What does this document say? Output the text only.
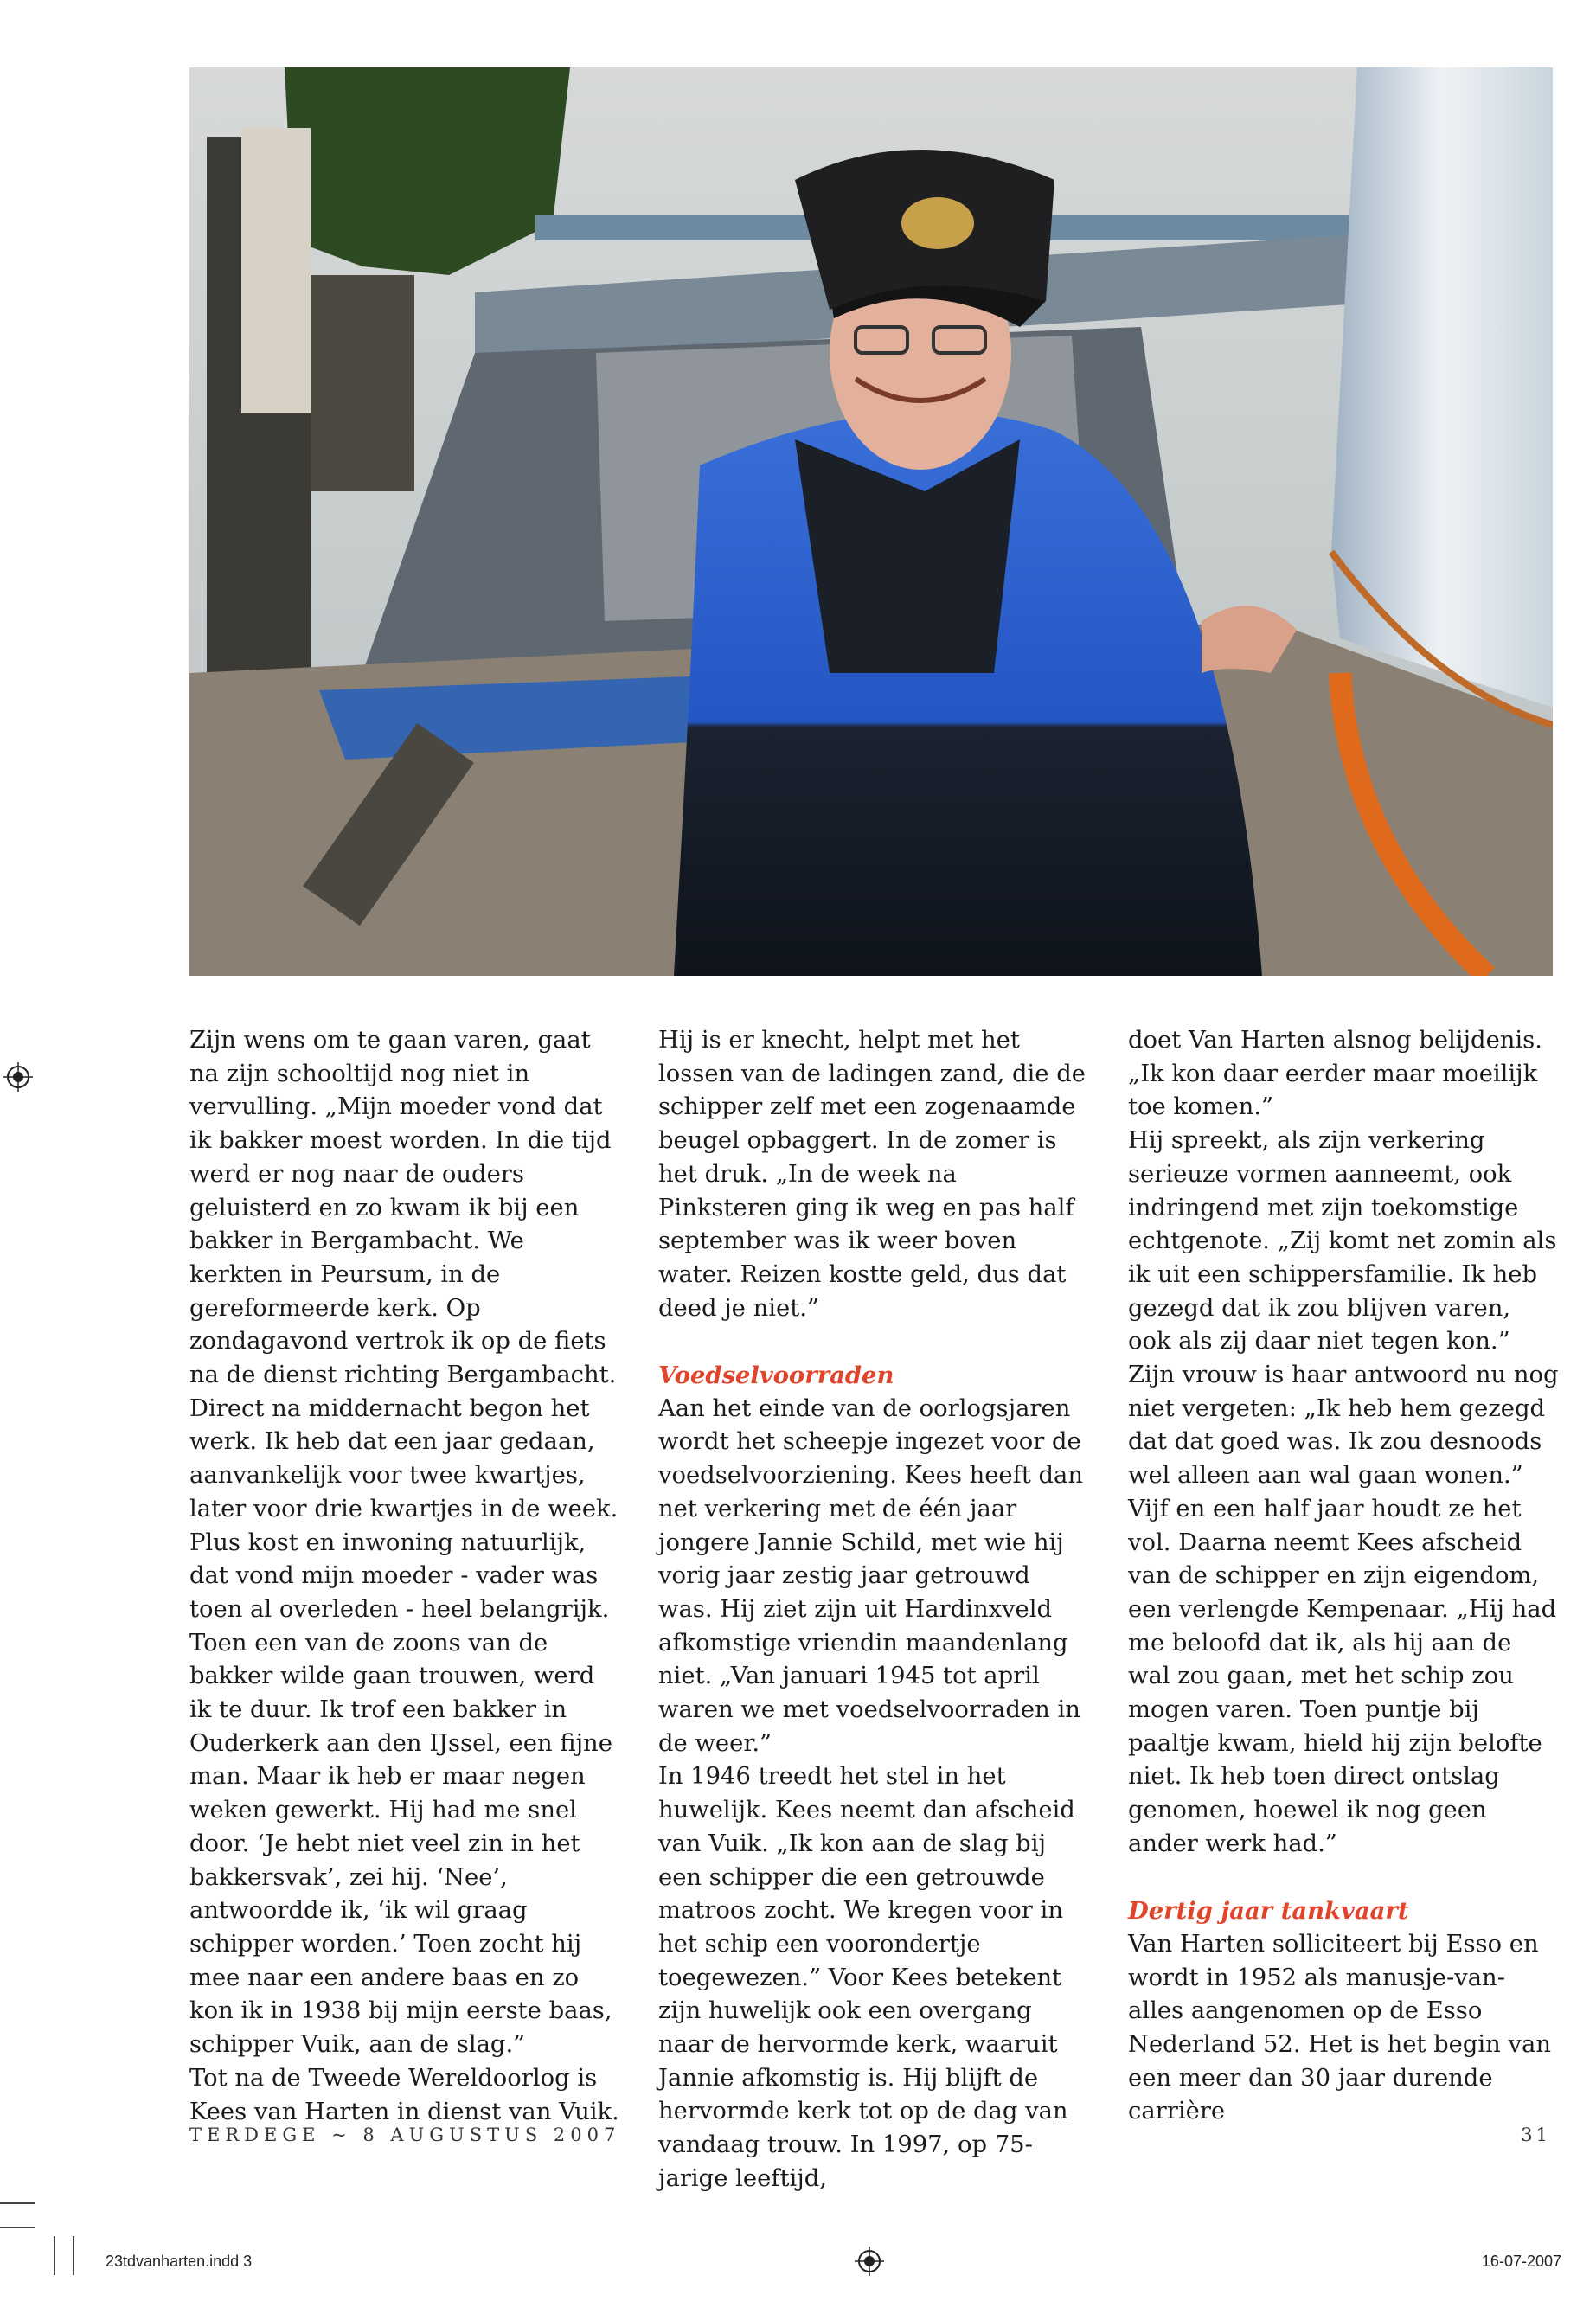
Zijn wens om te gaan varen, gaat na zijn schooltijd nog niet in vervulling. „Mijn moeder vond dat ik bakker moest worden. In die tijd werd er nog naar de ouders geluisterd en zo kwam ik bij een bakker in Bergambacht. We kerkten in Peursum, in de gereformeerde kerk. Op zondagavond vertrok ik op de fiets na de dienst richting Bergambacht. Direct na middernacht begon het werk. Ik heb dat een jaar gedaan, aanvankelijk voor twee kwartjes, later voor drie kwartjes in de week. Plus kost en inwoning natuurlijk, dat vond mijn moeder - vader was toen al overleden - heel belangrijk. Toen een van de zoons van de bakker wilde gaan trouwen, werd ik te duur. Ik trof een bakker in Ouderkerk aan den IJssel, een fijne man. Maar ik heb er maar negen weken gewerkt. Hij had me snel door. ‘Je hebt niet veel zin in het bakkersvak’, zei hij. ‘Nee’, antwoordde ik, ‘ik wil graag schipper worden.’ Toen zocht hij mee naar een andere baas en zo kon ik in 1938 bij mijn eerste baas, schipper Vuik, aan de slag.”

Tot na de Tweede Wereldoorlog is Kees van Harten in dienst van Vuik.

Hij is er knecht, helpt met het lossen van de ladingen zand, die de schipper zelf met een zogenaamde beugel opbaggert. In de zomer is het druk. „In de week na Pinksteren ging ik weg en pas half september was ik weer boven water. Reizen kostte geld, dus dat deed je niet.”

Voedselvoorraden

Aan het einde van de oorlogsjaren wordt het scheepje ingezet voor de voedselvoorziening. Kees heeft dan net verkering met de één jaar jongere Jannie Schild, met wie hij vorig jaar zestig jaar getrouwd was. Hij ziet zijn uit Hardinxveld afkomstige vriendin maandenlang niet. „Van januari 1945 tot april waren we met voedselvoorraden in de weer.”

In 1946 treedt het stel in het huwelijk. Kees neemt dan afscheid van Vuik. „Ik kon aan de slag bij een schipper die een getrouwde matroos zocht. We kregen voor in het schip een voorondertje toegewezen.” Voor Kees betekent zijn huwelijk ook een overgang naar de hervormde kerk, waaruit Jannie afkomstig is. Hij blijft de hervormde kerk tot op de dag van vandaag trouw. In 1997, op 75-jarige leeftijd,

doet Van Harten alsnog belijdenis. „Ik kon daar eerder maar moeilijk toe komen.”

Hij spreekt, als zijn verkering serieuze vormen aanneemt, ook indringend met zijn toekomstige echtgenote. „Zij komt net zomin als ik uit een schippersfamilie. Ik heb gezegd dat ik zou blijven varen, ook als zij daar niet tegen kon.” Zijn vrouw is haar antwoord nu nog niet vergeten: „Ik heb hem gezegd dat dat goed was. Ik zou desnoods wel alleen aan wal gaan wonen.”

Vijf en een half jaar houdt ze het vol. Daarna neemt Kees afscheid van de schipper en zijn eigendom, een verlengde Kempenaar. „Hij had me beloofd dat ik, als hij aan de wal zou gaan, met het schip zou mogen varen. Toen puntje bij paaltje kwam, hield hij zijn belofte niet. Ik heb toen direct ontslag genomen, hoewel ik nog geen ander werk had.”

Dertig jaar tankvaart

Van Harten solliciteert bij Esso en wordt in 1952 als manusje-van-alles aangenomen op de Esso Nederland 52. Het is het begin van een meer dan 30 jaar durende carrière

TERDEGE ~ 8 AUGUSTUS 2007	31
23tdvanharten.indd 3	16-07-2007
